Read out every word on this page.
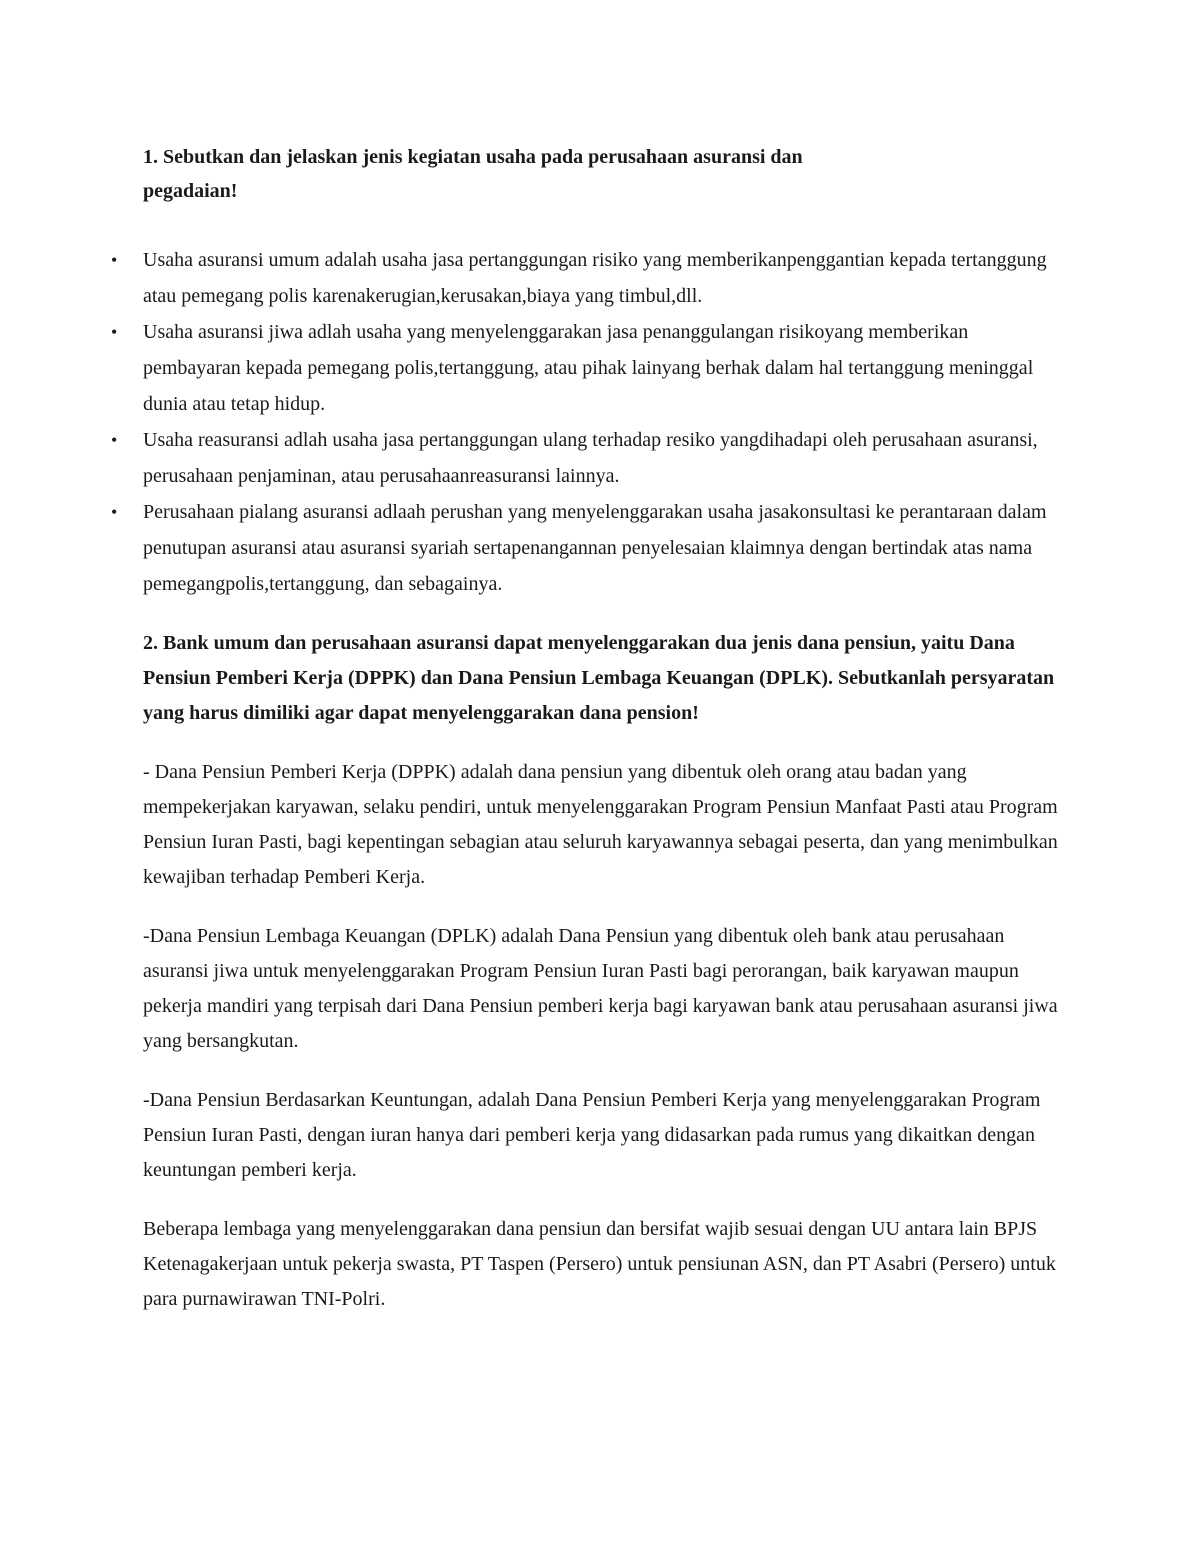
1. Sebutkan dan jelaskan jenis kegiatan usaha pada perusahaan asuransi dan pegadaian!

• Usaha asuransi umum adalah usaha jasa pertanggungan risiko yang memberikanpenggantian kepada tertanggung atau pemegang polis karenakerugian,kerusakan,biaya yang timbul,dll.
• Usaha asuransi jiwa adlah usaha yang menyelenggarakan jasa penanggulangan risikoyang memberikan pembayaran kepada pemegang polis,tertanggung, atau pihak lainyang berhak dalam hal tertanggung meninggal dunia atau tetap hidup.
• Usaha reasuransi adlah usaha jasa pertanggungan ulang terhadap resiko yangdihadapi oleh perusahaan asuransi, perusahaan penjaminan, atau perusahaanreasuransi lainnya.
• Perusahaan pialang asuransi adlaah perushan yang menyelenggarakan usaha jasakonsultasi ke perantaraan dalam penutupan asuransi atau asuransi syariah sertapenangannan penyelesaian klaimnya dengan bertindak atas nama pemegangpolis,tertanggung, dan sebagainya.

2. Bank umum dan perusahaan asuransi dapat menyelenggarakan dua jenis dana pensiun, yaitu Dana Pensiun Pemberi Kerja (DPPK) dan Dana Pensiun Lembaga Keuangan (DPLK). Sebutkanlah persyaratan yang harus dimiliki agar dapat menyelenggarakan dana pension!

- Dana Pensiun Pemberi Kerja (DPPK) adalah dana pensiun yang dibentuk oleh orang atau badan yang mempekerjakan karyawan, selaku pendiri, untuk menyelenggarakan Program Pensiun Manfaat Pasti atau Program Pensiun Iuran Pasti, bagi kepentingan sebagian atau seluruh karyawannya sebagai peserta, dan yang menimbulkan kewajiban terhadap Pemberi Kerja.

-Dana Pensiun Lembaga Keuangan (DPLK) adalah Dana Pensiun yang dibentuk oleh bank atau perusahaan asuransi jiwa untuk menyelenggarakan Program Pensiun Iuran Pasti bagi perorangan, baik karyawan maupun pekerja mandiri yang terpisah dari Dana Pensiun pemberi kerja bagi karyawan bank atau perusahaan asuransi jiwa yang bersangkutan.

-Dana Pensiun Berdasarkan Keuntungan, adalah Dana Pensiun Pemberi Kerja yang menyelenggarakan Program Pensiun Iuran Pasti, dengan iuran hanya dari pemberi kerja yang didasarkan pada rumus yang dikaitkan dengan keuntungan pemberi kerja.

Beberapa lembaga yang menyelenggarakan dana pensiun dan bersifat wajib sesuai dengan UU antara lain BPJS Ketenagakerjaan untuk pekerja swasta, PT Taspen (Persero) untuk pensiunan ASN, dan PT Asabri (Persero) untuk para purnawirawan TNI-Polri.
